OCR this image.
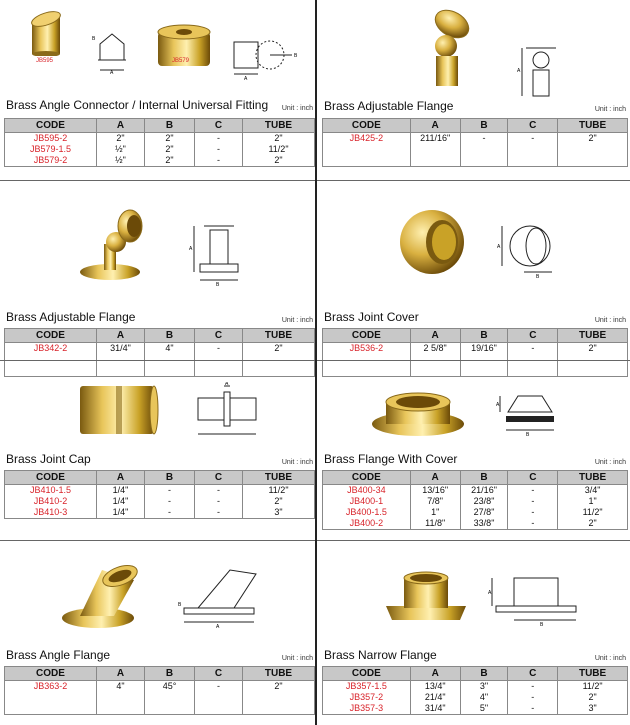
JB595
A
B
JB579
B
A
Brass Angle Connector / Internal Universal Fitting Unit : inch
CODE	A	B	C	TUBE
JB595-2	2"	2"	-	2"
JB579-1.5	½"	2"	-	11/2"
JB579-2	½"	2"	-	2"
A
Brass Adjustable Flange	Unit : inch
CODE	A	B	C	TUBE
JB425-2	211/16"	-	-	2"

A
B
Brass Adjustable Flange	Unit : inch
CODE	A	B	C	TUBE
JB342-2	31/4"	4"	-	2"

A
B
Brass Joint Cover	Unit : inch
CODE	A	B	C	TUBE
JB536-2	2 5/8"	19/16"	-	2"

A
Brass Joint Cap	Unit : inch
CODE	A	B	C	TUBE
JB410-1.5	1/4"	-	-	11/2"
JB410-2	1/4"	-	-	2"
JB410-3	1/4"	-	-	3"
A
B
Brass Flange With Cover	Unit : inch
CODE	A	B	C	TUBE
JB400-34	13/16"	21/16"	-	3/4"
JB400-1	7/8"	23/8"	-	1"
JB400-1.5	1"	27/8"	-	11/2"
JB400-2	11/8"	33/8"	-	2"
B
A
Brass Angle Flange	Unit : inch
CODE	A	B	C	TUBE
JB363-2	4"	45°	-	2"

A
B
Brass Narrow Flange	Unit : inch
CODE	A	B	C	TUBE
JB357-1.5	13/4"	3"	-	11/2"
JB357-2	21/4"	4"	-	2"
JB357-3	31/4"	5"	-	3"
